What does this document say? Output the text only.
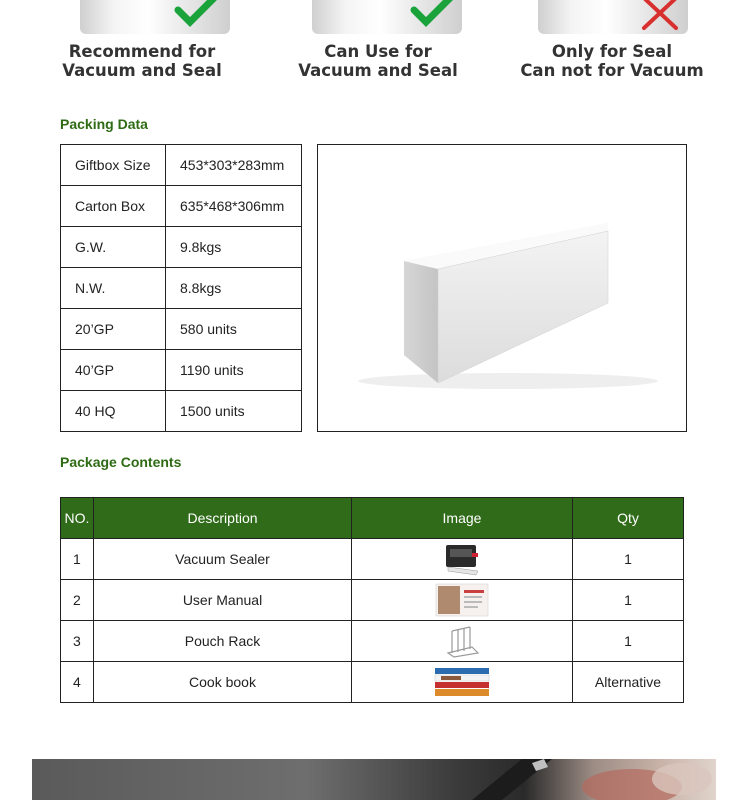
Recommend for
Vacuum and Seal
Can Use for
Vacuum and Seal
Only for Seal
Can not for Vacuum
Packing Data
Giftbox Size	453*303*283mm
Carton Box	635*468*306mm
G.W.	9.8kgs
N.W.	8.8kgs
20’GP	580 units
40’GP	1190 units
40 HQ	1500 units
Package Contents
NO.	Description	Image	Qty
1	Vacuum Sealer		1
2	User Manual		1
3	Pouch Rack		1
4	Cook book		Alternative
